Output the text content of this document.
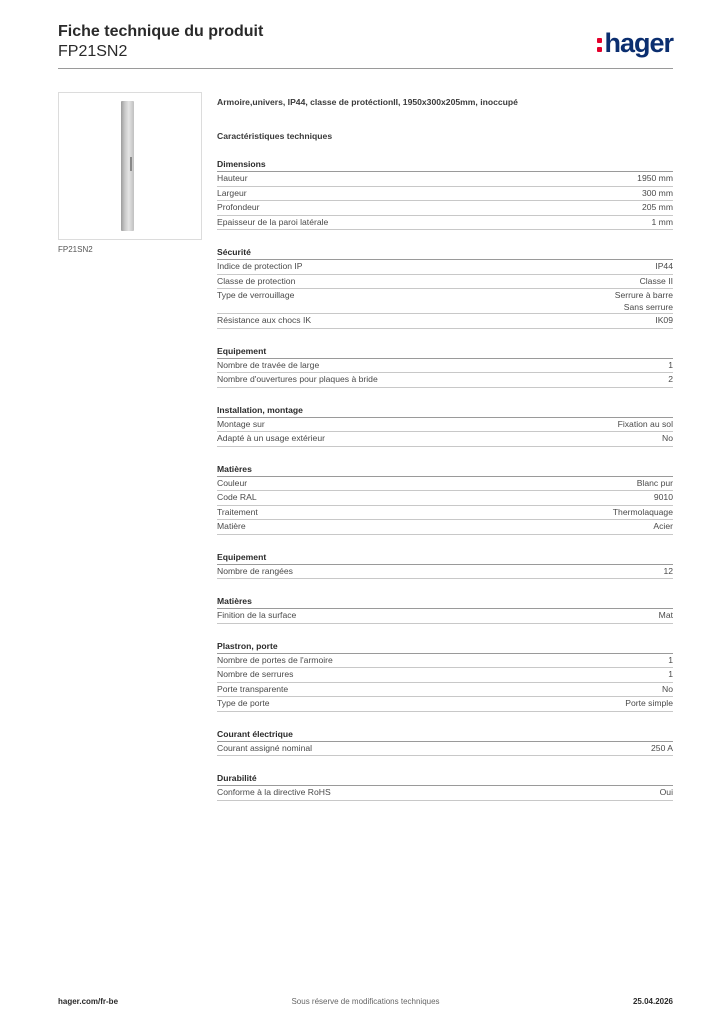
Fiche technique du produit
FP21SN2	hager
FP21SN2
Armoire,univers, IP44, classe de protéctionII, 1950x300x205mm, inoccupé
Caractéristiques techniques
Dimensions
Hauteur	1950 mm
Largeur	300 mm
Profondeur	205 mm
Epaisseur de la paroi latérale	1 mm
Sécurité
Indice de protection IP	IP44
Classe de protection	Classe II
Type de verrouillage	Serrure à barre
Sans serrure
Résistance aux chocs IK	IK09
Equipement
Nombre de travée de large	1
Nombre d'ouvertures pour plaques à bride	2
Installation, montage
Montage sur	Fixation au sol
Adapté à un usage extérieur	No
Matières
Couleur	Blanc pur
Code RAL	9010
Traitement	Thermolaquage
Matière	Acier
Equipement
Nombre de rangées	12
Matières
Finition de la surface	Mat
Plastron, porte
Nombre de portes de l'armoire	1
Nombre de serrures	1
Porte transparente	No
Type de porte	Porte simple
Courant électrique
Courant assigné nominal	250 A
Durabilité
Conforme à la directive RoHS	Oui
Sous réserve de modifications techniques
hager.com/fr-be	25.04.2026
